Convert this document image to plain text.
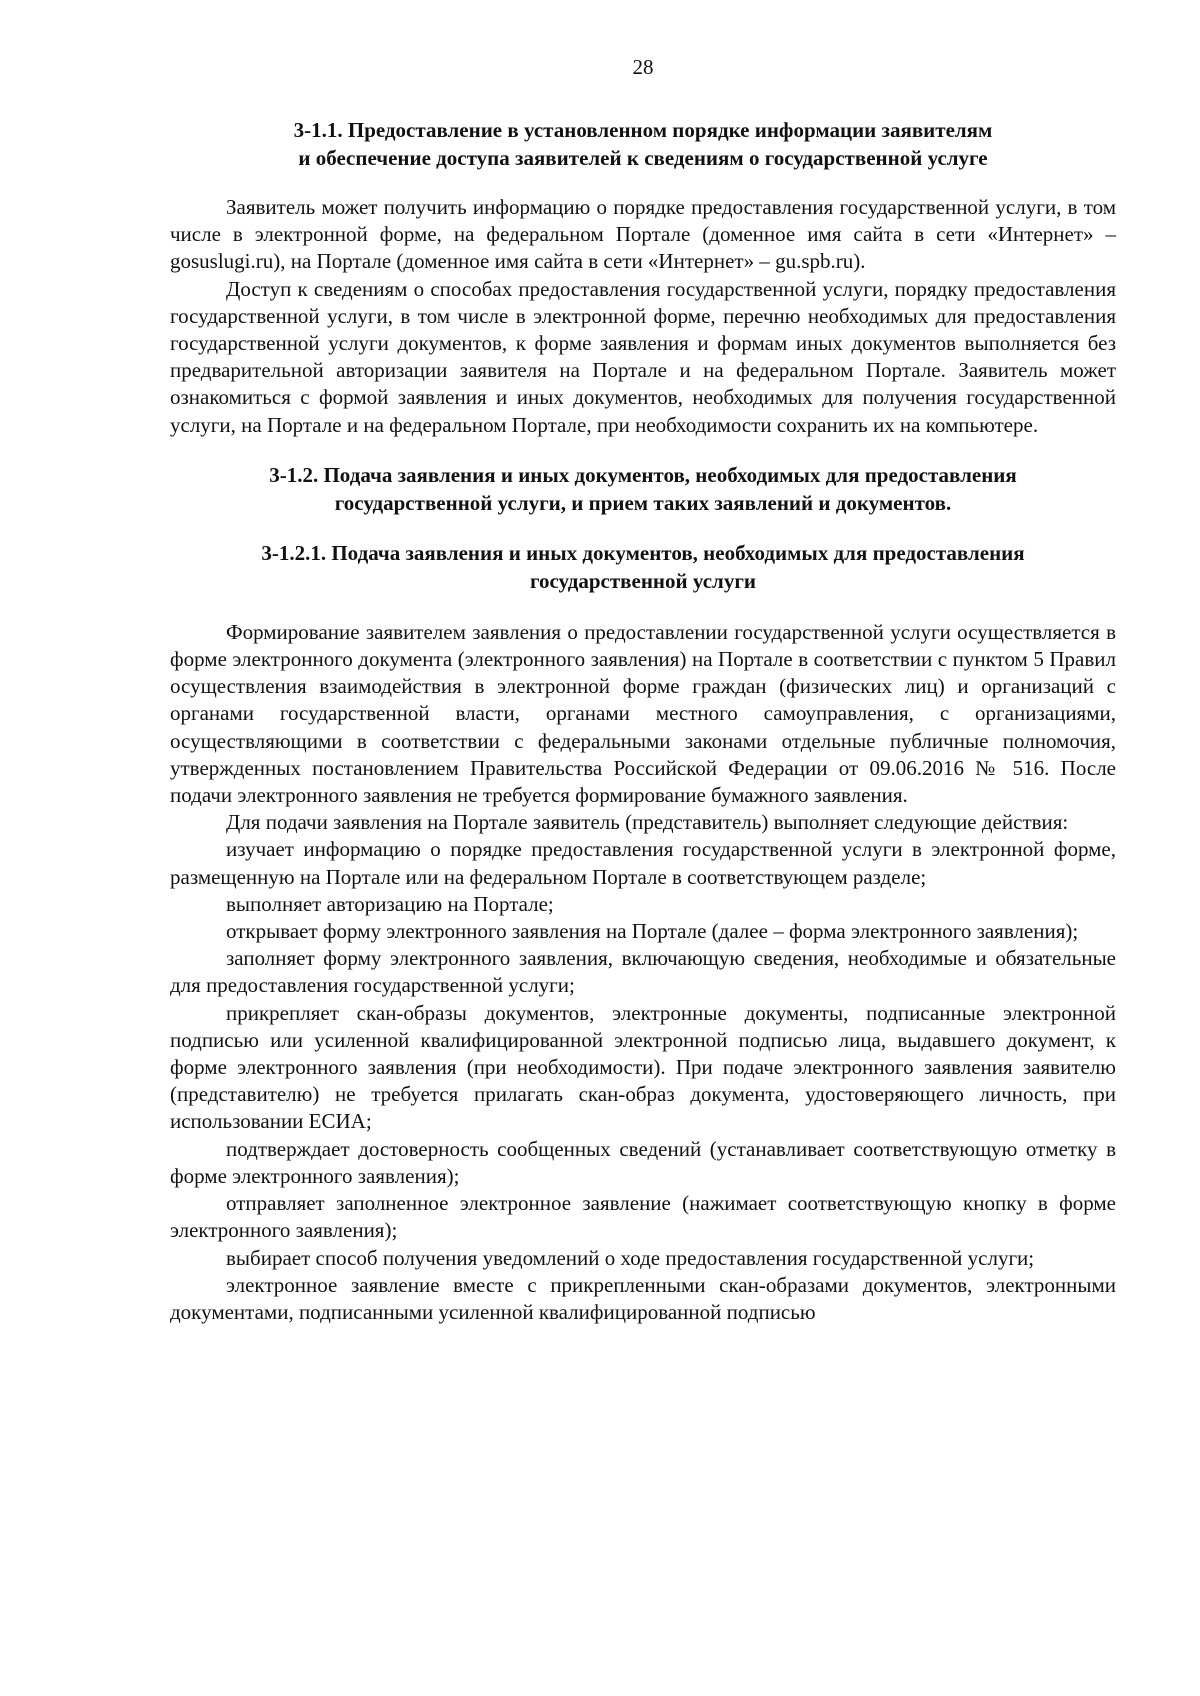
28
3-1.1. Предоставление в установленном порядке информации заявителям
и обеспечение доступа заявителей к сведениям о государственной услуге

Заявитель может получить информацию о порядке предоставления государственной услуги, в том числе в электронной форме, на федеральном Портале (доменное имя сайта в сети «Интернет» – gosuslugi.ru), на Портале (доменное имя сайта в сети «Интернет» – gu.spb.ru).

Доступ к сведениям о способах предоставления государственной услуги, порядку предоставления государственной услуги, в том числе в электронной форме, перечню необходимых для предоставления государственной услуги документов, к форме заявления и формам иных документов выполняется без предварительной авторизации заявителя на Портале и на федеральном Портале. Заявитель может ознакомиться с формой заявления и иных документов, необходимых для получения государственной услуги, на Портале и на федеральном Портале, при необходимости сохранить их на компьютере.

3-1.2. Подача заявления и иных документов, необходимых для предоставления
государственной услуги, и прием таких заявлений и документов.
3-1.2.1. Подача заявления и иных документов, необходимых для предоставления
государственной услуги

Формирование заявителем заявления о предоставлении государственной услуги осуществляется в форме электронного документа (электронного заявления) на Портале в соответствии с пунктом 5 Правил осуществления взаимодействия в электронной форме граждан (физических лиц) и организаций с органами государственной власти, органами местного самоуправления, с организациями, осуществляющими в соответствии с федеральными законами отдельные публичные полномочия, утвержденных постановлением Правительства Российской Федерации от 09.06.2016 № 516. После подачи электронного заявления не требуется формирование бумажного заявления.

Для подачи заявления на Портале заявитель (представитель) выполняет следующие действия:

изучает информацию о порядке предоставления государственной услуги в электронной форме, размещенную на Портале или на федеральном Портале в соответствующем разделе;

выполняет авторизацию на Портале;

открывает форму электронного заявления на Портале (далее – форма электронного заявления);

заполняет форму электронного заявления, включающую сведения, необходимые и обязательные для предоставления государственной услуги;

прикрепляет скан-образы документов, электронные документы, подписанные электронной подписью или усиленной квалифицированной электронной подписью лица, выдавшего документ, к форме электронного заявления (при необходимости). При подаче электронного заявления заявителю (представителю) не требуется прилагать скан-образ документа, удостоверяющего личность, при использовании ЕСИА;

подтверждает достоверность сообщенных сведений (устанавливает соответствующую отметку в форме электронного заявления);

отправляет заполненное электронное заявление (нажимает соответствующую кнопку в форме электронного заявления);

выбирает способ получения уведомлений о ходе предоставления государственной услуги;

электронное заявление вместе с прикрепленными скан-образами документов, электронными документами, подписанными усиленной квалифицированной подписью
